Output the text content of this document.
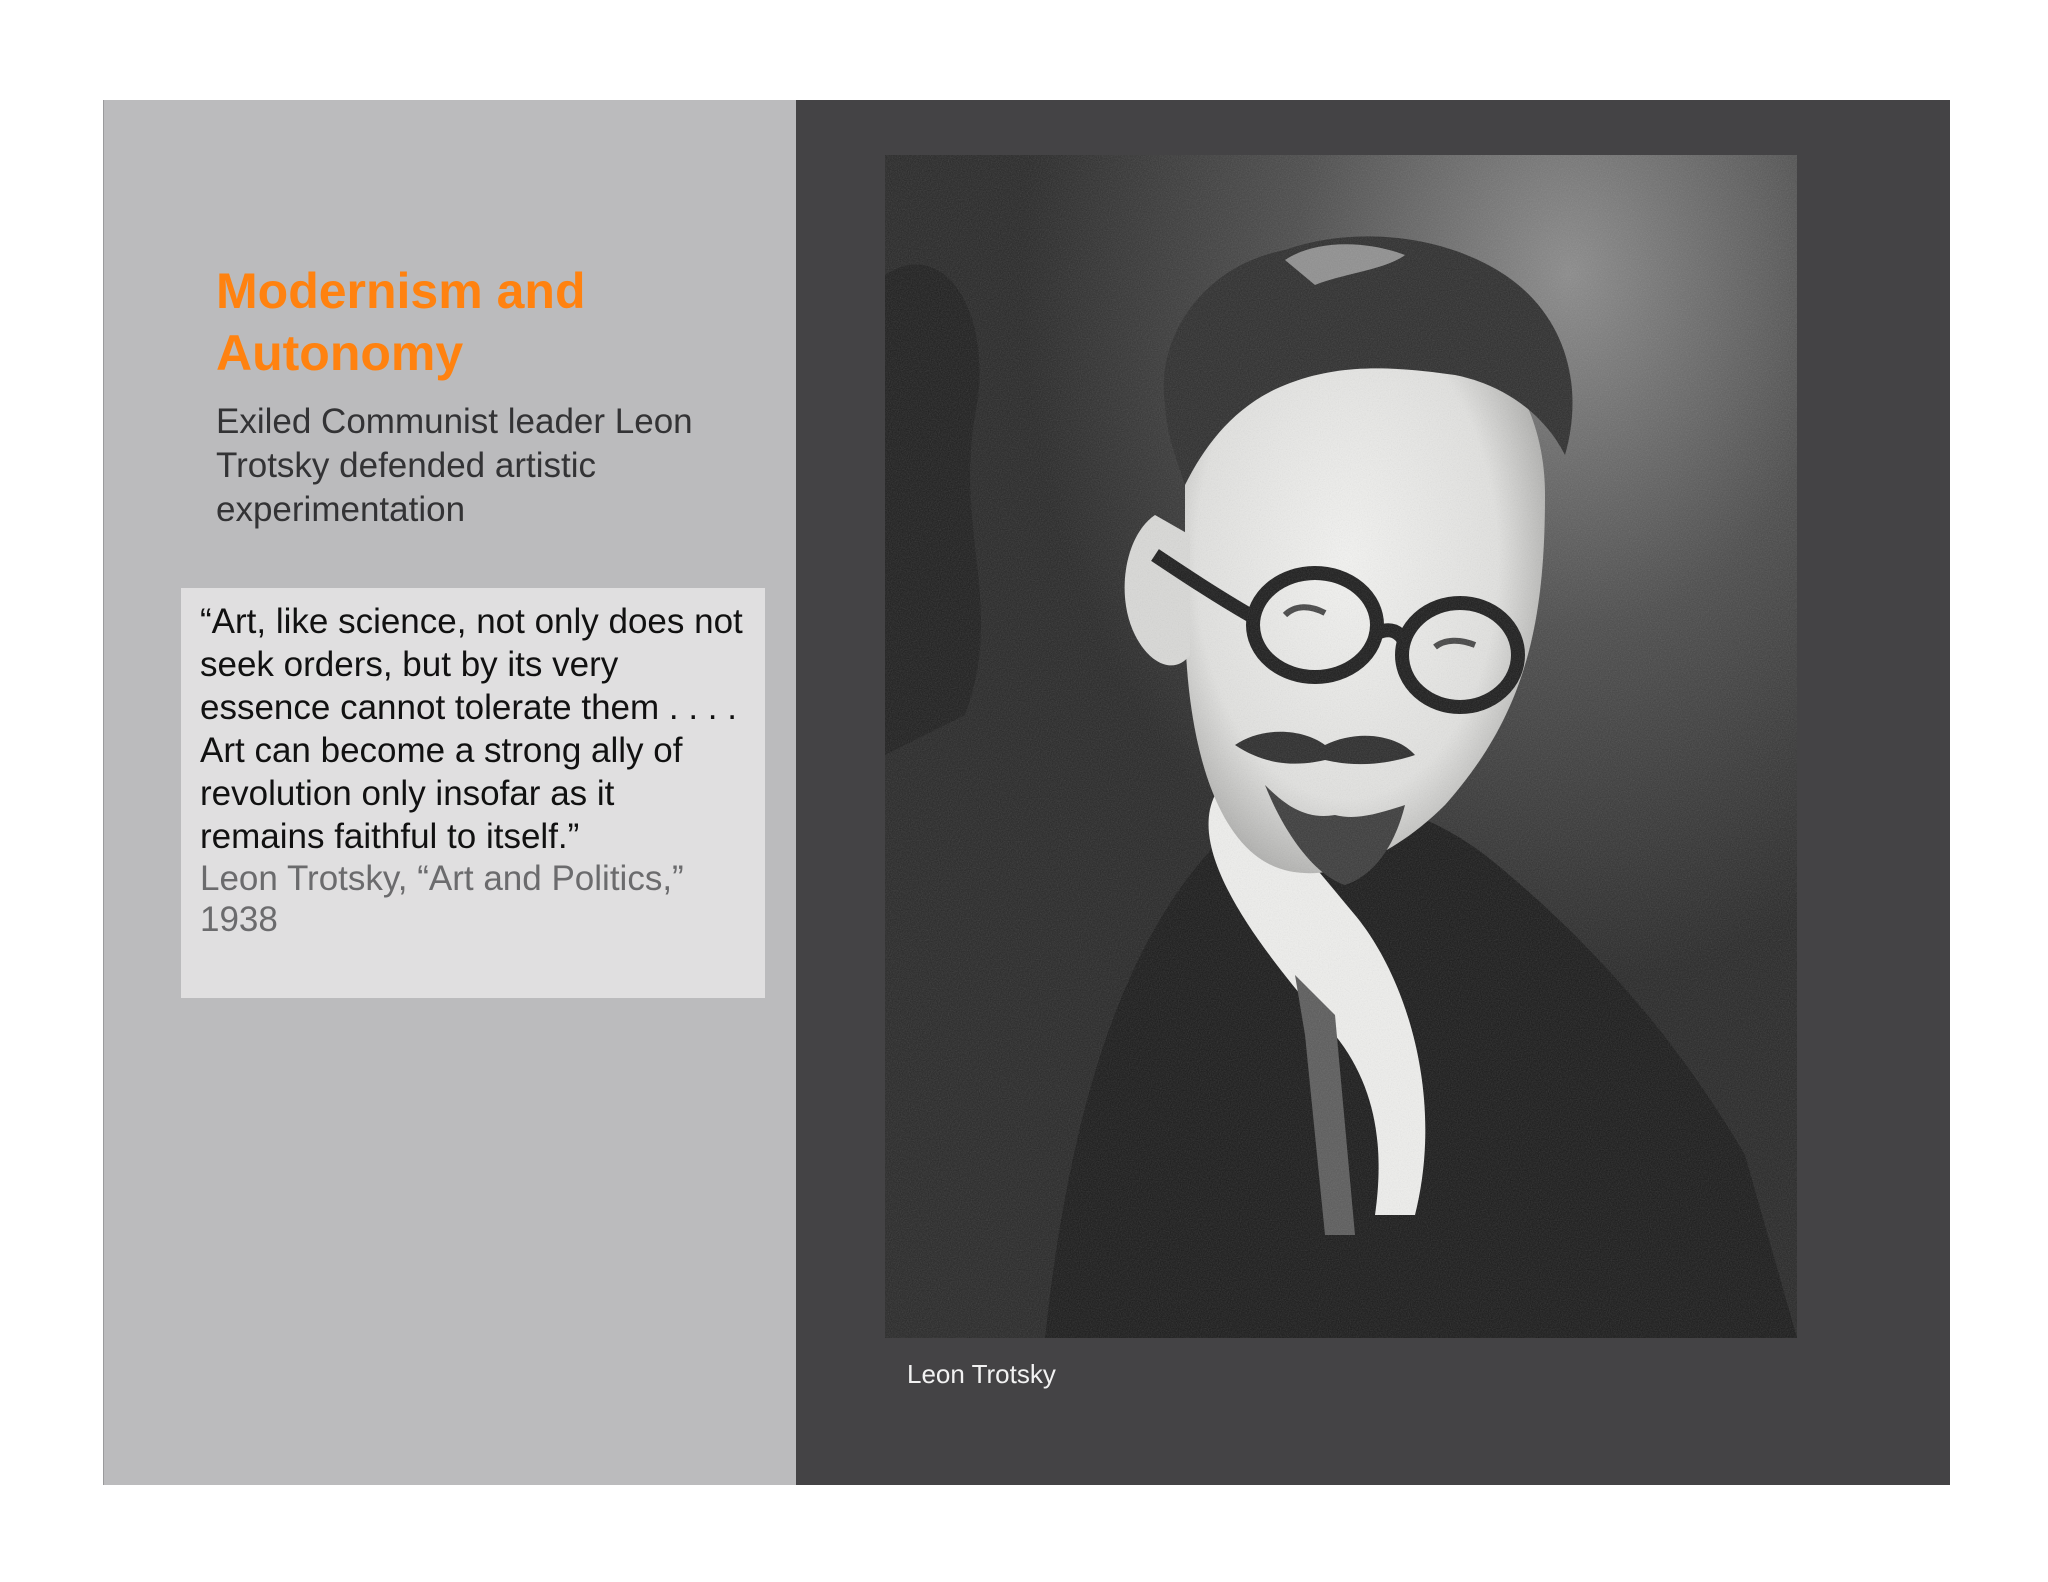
Modernism and Autonomy

Exiled Communist leader Leon Trotsky defended artistic experimentation

“Art, like science, not only does not seek orders, but by its very essence cannot tolerate them . . . . Art can become a strong ally of revolution only insofar as it remains faithful to itself.”

Leon Trotsky, “Art and Politics,” 1938

Leon Trotsky
